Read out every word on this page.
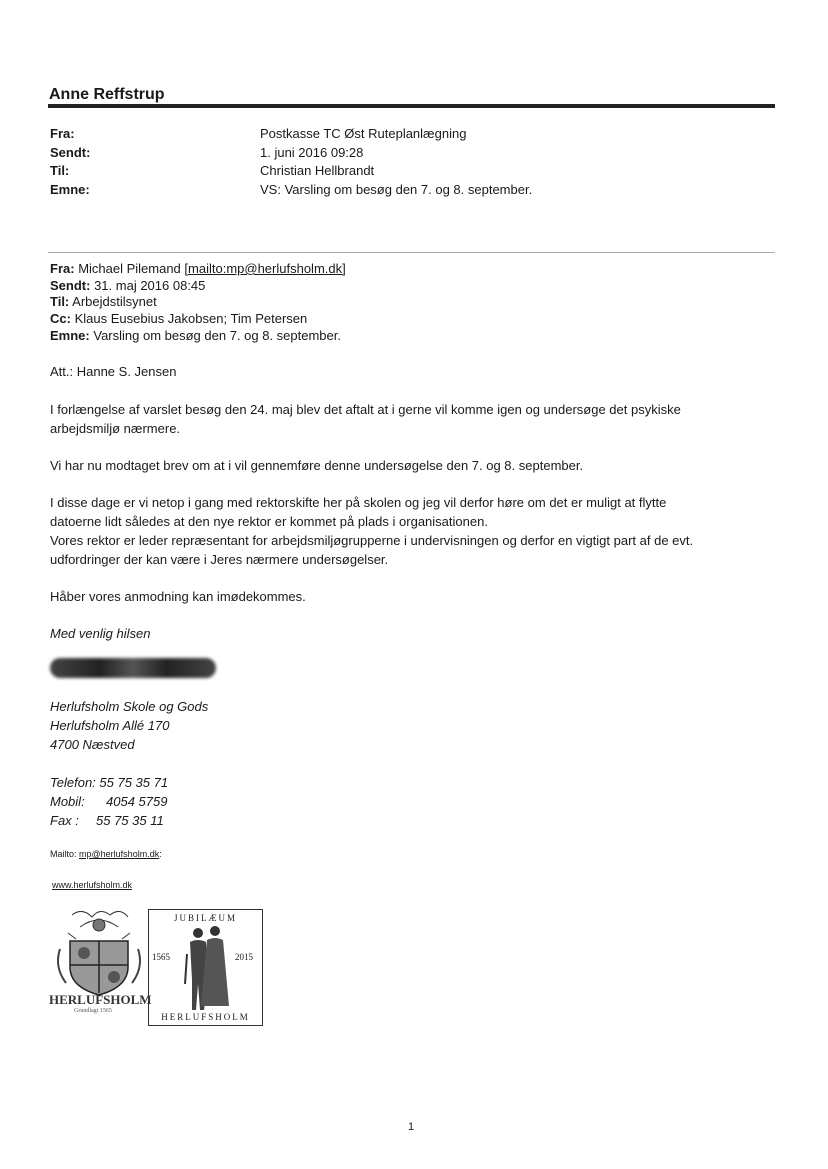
Anne Reffstrup
Fra:	Postkasse TC Øst Ruteplanlægning
Sendt:	1. juni 2016 09:28
Til:	Christian Hellbrandt
Emne:	VS: Varsling om besøg den 7. og 8. september.
Fra: Michael Pilemand [mailto:mp@herlufsholm.dk]
Sendt: 31. maj 2016 08:45
Til: Arbejdstilsynet
Cc: Klaus Eusebius Jakobsen; Tim Petersen
Emne: Varsling om besøg den 7. og 8. september.
Att.: Hanne S. Jensen
I forlængelse af varslet besøg den 24. maj blev det aftalt at i gerne vil komme igen og undersøge det psykiske
arbejdsmiljø nærmere.
Vi har nu modtaget brev om at i vil gennemføre denne undersøgelse den 7. og 8. september.
I disse dage er vi netop i gang med rektorskifte her på skolen og jeg vil derfor høre om det er muligt at flytte
datoerne lidt således at den nye rektor er kommet på plads i organisationen.
Vores rektor er leder repræsentant for arbejdsmiljøgrupperne i undervisningen og derfor en vigtigt part af de evt.
udfordringer der kan være i Jeres nærmere undersøgelser.
Håber vores anmodning kan imødekommes.
Med venlig hilsen
Herlufsholm Skole og Gods
Herlufsholm Allé 170
4700 Næstved
Telefon: 55 75 35 71
Mobil: 4054 5759
Fax : 55 75 35 11
Mailto: mp@herlufsholm.dk:
www.herlufsholm.dk
HERLUFSHOLM
Grundlagt 1565
JUBILÆUM
1565	2015
HERLUFSHOLM
1
